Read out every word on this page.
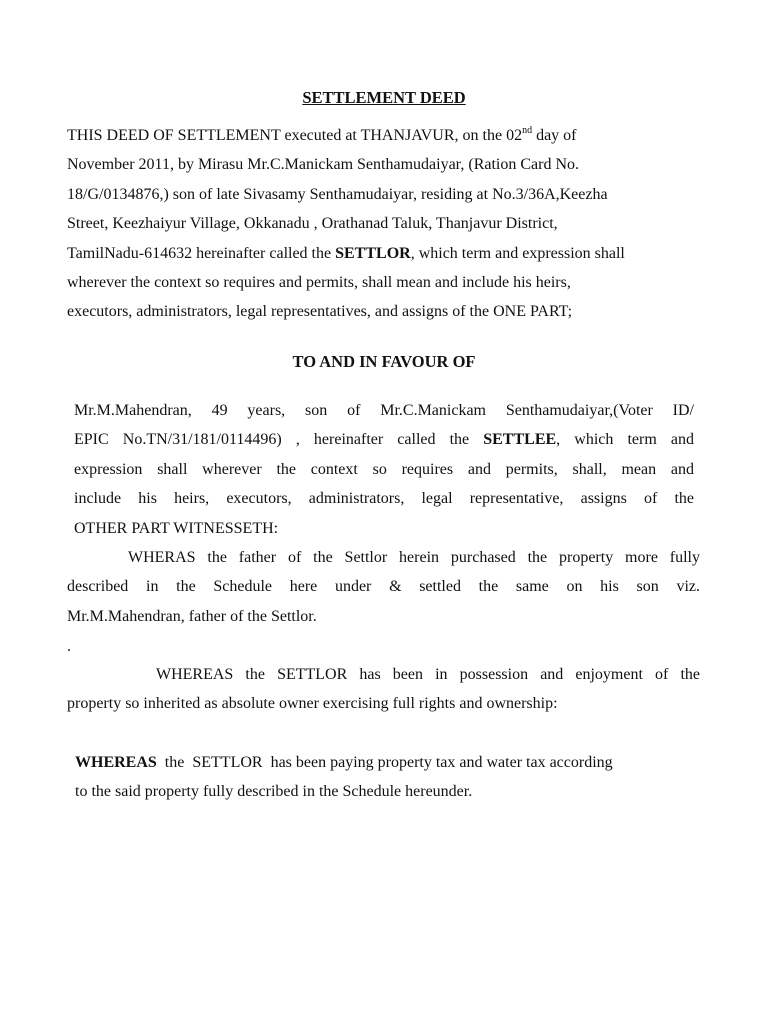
SETTLEMENT DEED
THIS DEED OF SETTLEMENT executed at THANJAVUR, on the 02nd day of
November 2011, by Mirasu Mr.C.Manickam Senthamudaiyar, (Ration Card No.
18/G/0134876,) son of late Sivasamy Senthamudaiyar, residing at No.3/36A,Keezha
Street, Keezhaiyur Village, Okkanadu , Orathanad Taluk, Thanjavur District,
TamilNadu-614632 hereinafter called the SETTLOR, which term and expression shall
wherever the context so requires and permits, shall mean and include his heirs,
executors, administrators, legal representatives, and assigns of the ONE PART;
TO AND IN FAVOUR OF
Mr.M.Mahendran, 49 years, son of Mr.C.Manickam Senthamudaiyar,(Voter ID/
EPIC No.TN/31/181/0114496) , hereinafter called the SETTLEE, which term and
expression shall wherever the context so requires and permits, shall, mean and
include his heirs, executors, administrators, legal representative, assigns of the
OTHER PART WITNESSETH:
WHERAS the father of the Settlor herein purchased the property more fully
described in the Schedule here under & settled the same on his son viz.
Mr.M.Mahendran, father of the Settlor.
.
WHEREAS the SETTLOR has been in possession and enjoyment of the
property so inherited as absolute owner exercising full rights and ownership:
WHEREAS  the  SETTLOR  has been paying property tax and water tax according
to the said property fully described in the Schedule hereunder.
